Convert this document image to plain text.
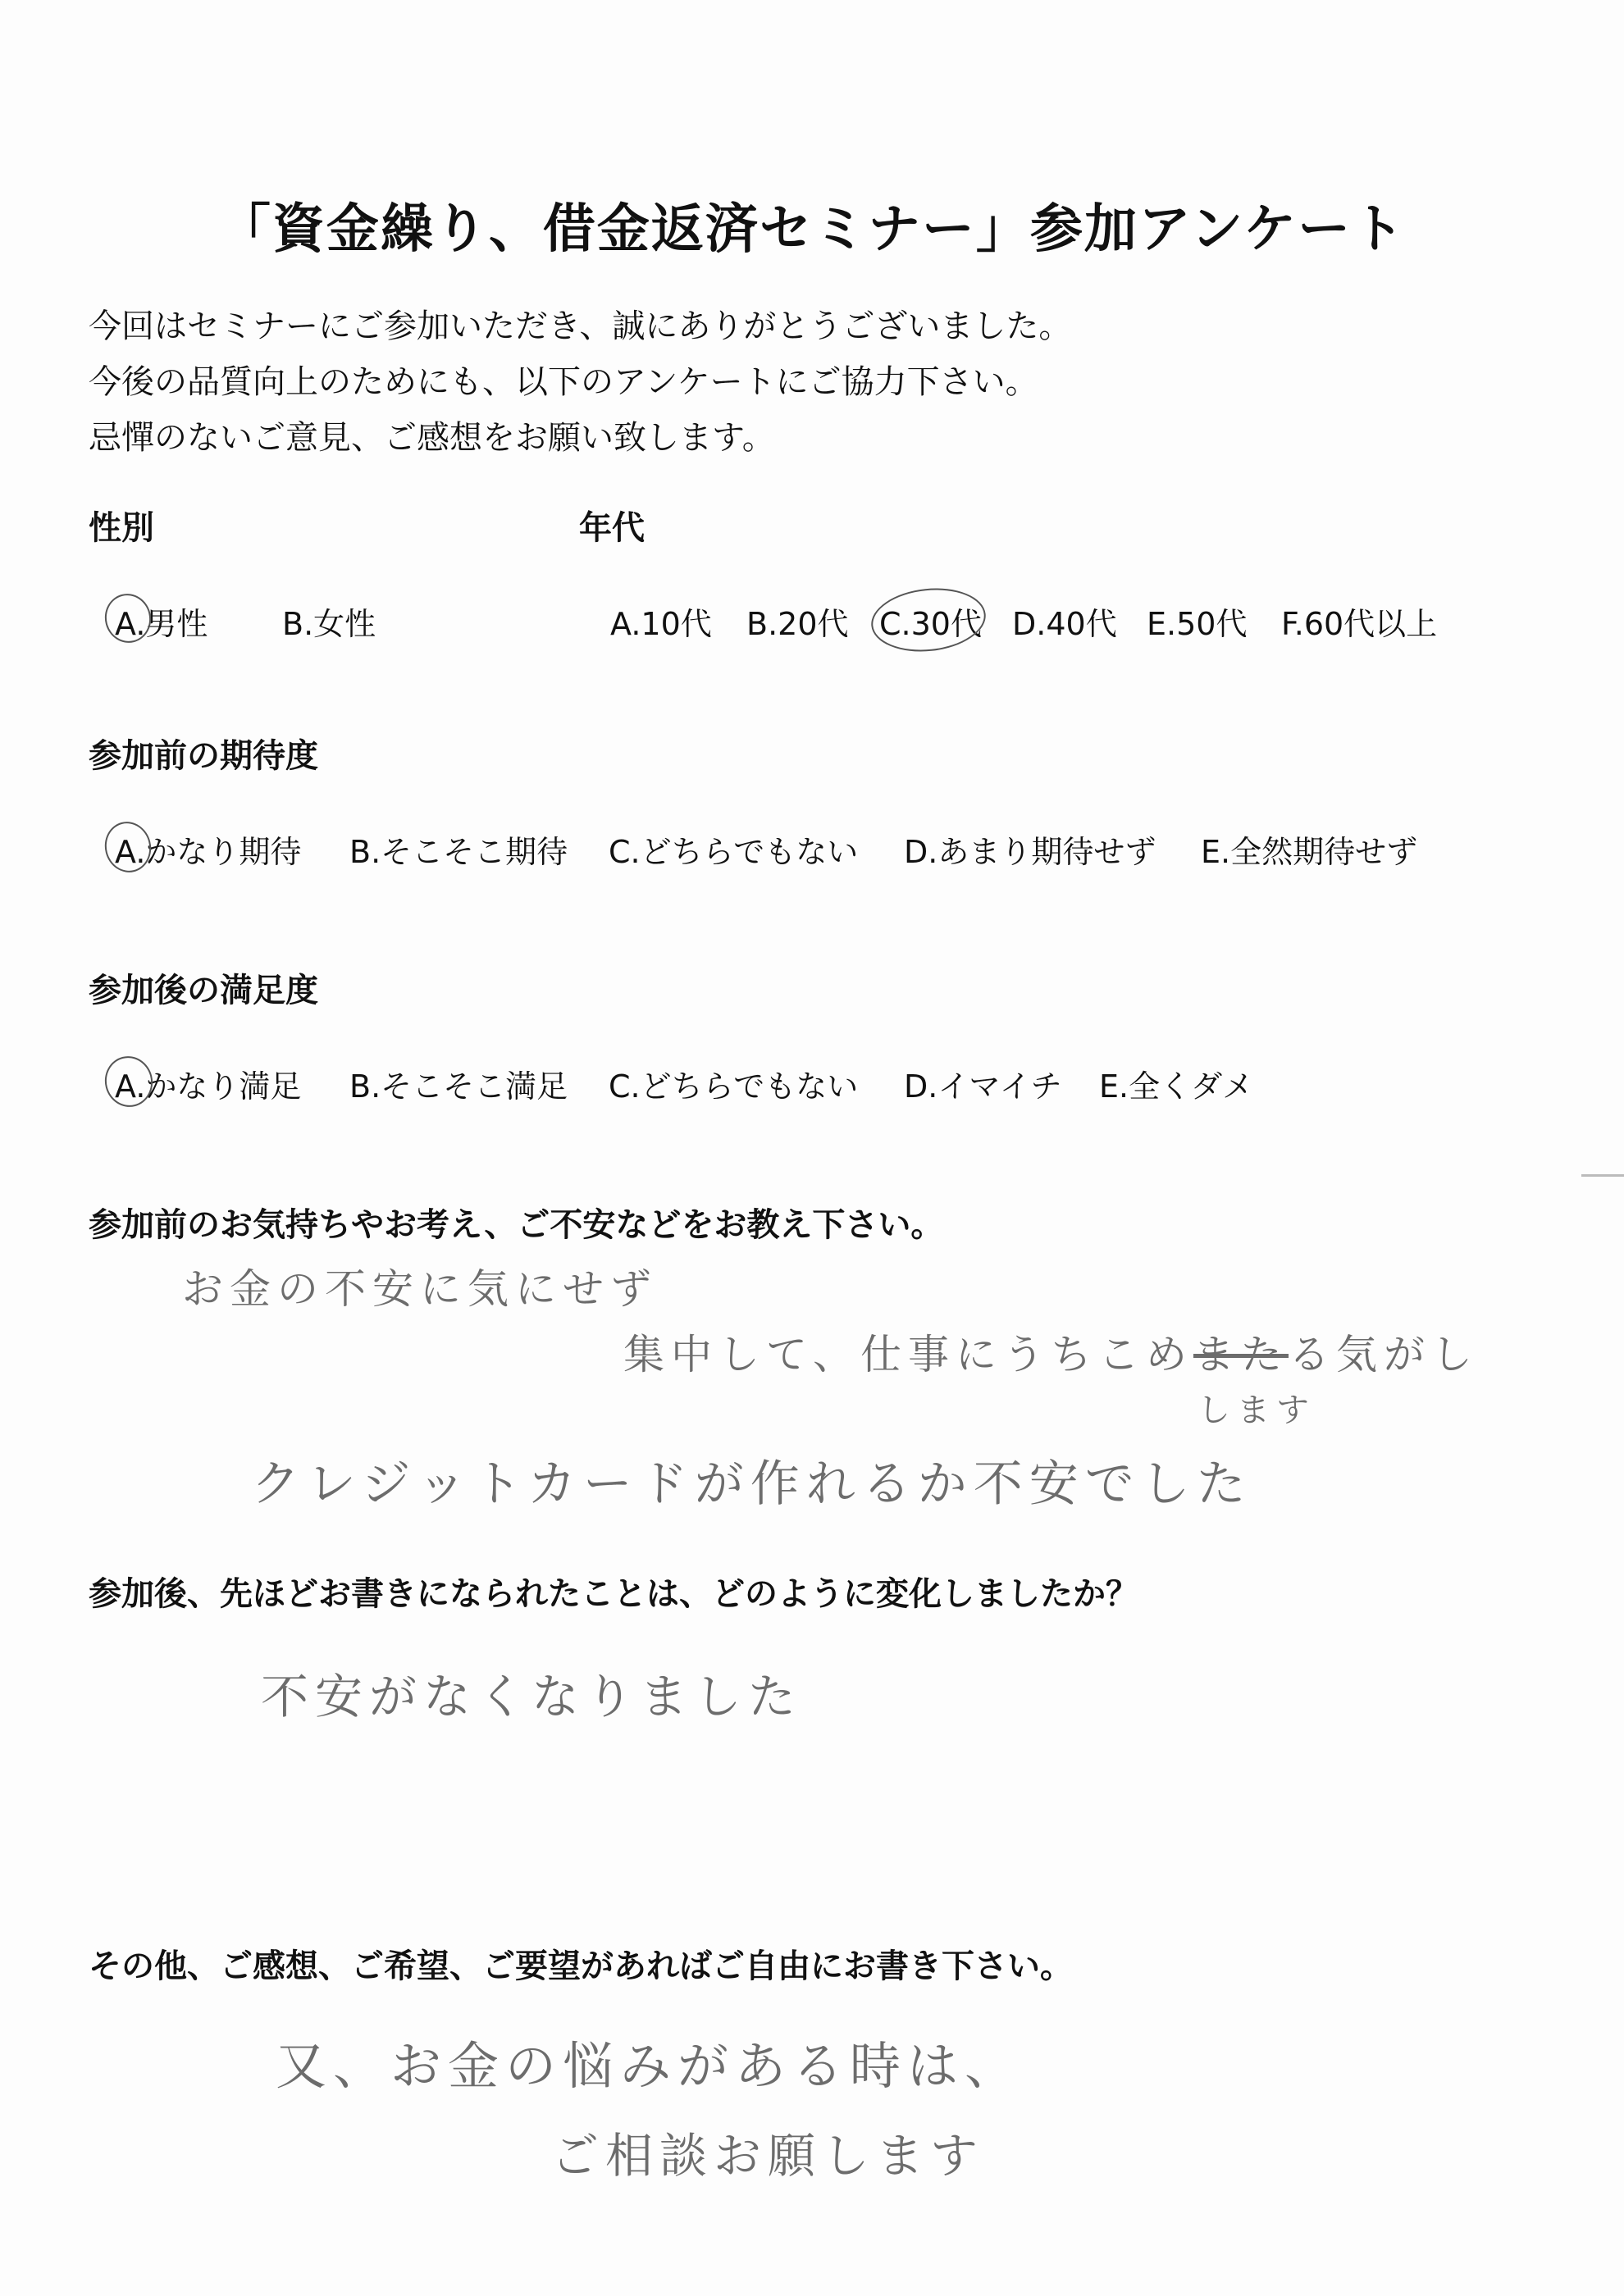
「資金繰り、借金返済セミナー」参加アンケート
今回はセミナーにご参加いただき、誠にありがとうございました。
今後の品質向上のためにも、以下のアンケートにご協力下さい。
忌憚のないご意見、ご感想をお願い致します。
性別
A.男性 B.女性
年代
A.10代 B.20代 C.30代 D.40代 E.50代 F.60代以上
参加前の期待度
A.かなり期待 B.そこそこ期待 C.どちらでもない D.あまり期待せず E.全然期待せず
参加後の満足度
A.かなり満足 B.そこそこ満足 C.どちらでもない D.イマイチ E.全くダメ
参加前のお気持ちやお考え、ご不安などをお教え下さい。
お金の不安に気にせず
集中して、仕事にうちこめまたる気がし
します
クレジットカードが作れるか不安でした
参加後、先ほどお書きになられたことは、どのように変化しましたか？
不安がなくなりました
その他、ご感想、ご希望、ご要望があればご自由にお書き下さい。
又、お金の悩みがある時は、
ご相談お願します
